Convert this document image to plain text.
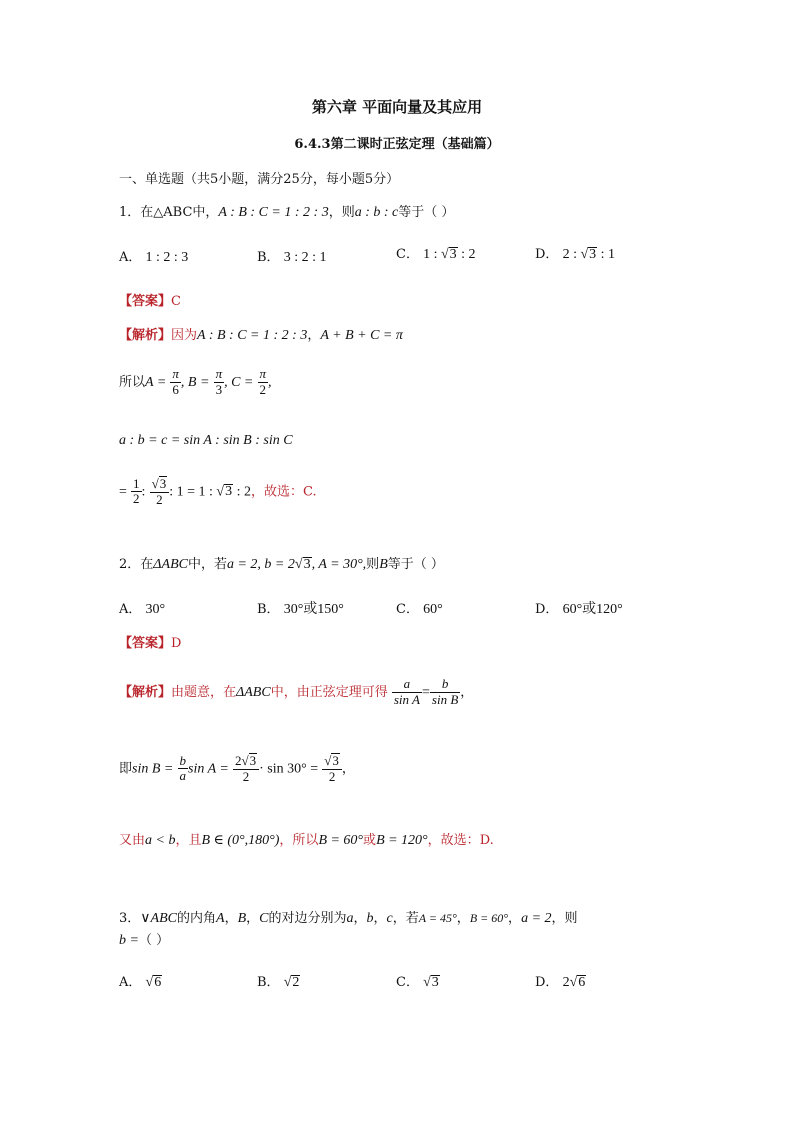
第六章 平面向量及其应用
6.4.3第二课时正弦定理（基础篇）
一、单选题（共5小题，满分25分，每小题5分）
1．在△ABC中，A : B : C = 1 : 2 : 3，则a : b : c等于（ ）
A． 1 : 2 : 3	B． 3 : 2 : 1	C． 1 : √3 : 2	D． 2 : √3 : 1
【答案】C
【解析】因为A : B : C = 1 : 2 : 3，A + B + C = π
所以$A = \frac{\pi}{6}$ , $B = \frac{\pi}{3}$ , $C = \frac{\pi}{2}$ ,
a : b = c = sin A : sin B : sin C
= $\frac{1}{2}$ : $\frac{√3}{2}$ : 1 = 1 : √3 : 2，故选：C.
2．在ΔABC中，若a = 2, b = 2√3, A = 30°,则B等于（ ）
A． 30°	B． 30°或150°	C． 60°	D． 60°或120°
【答案】D
【解析】由题意，在ΔABC中，由正弦定理可得 $\frac{a}{\text{sin A}} = \frac{b}{\text{sin B}}$ ，
即$\sin B = \frac{b}{a}$ $\sin A = \frac{2√3}{2} \cdot \sin 30^\circ = \frac{√3}{2}$ ，
又由a < b，且B ∈ (0°,180°)，所以B = 60°或B = 120°，故选：D.
3．∨ABC的内角A，B，C的对边分别为a，b，c，若A = 45°，B = 60°，a = 2，则
b =（ ）
A． √6	B． √2	C． √3	D． 2√6
